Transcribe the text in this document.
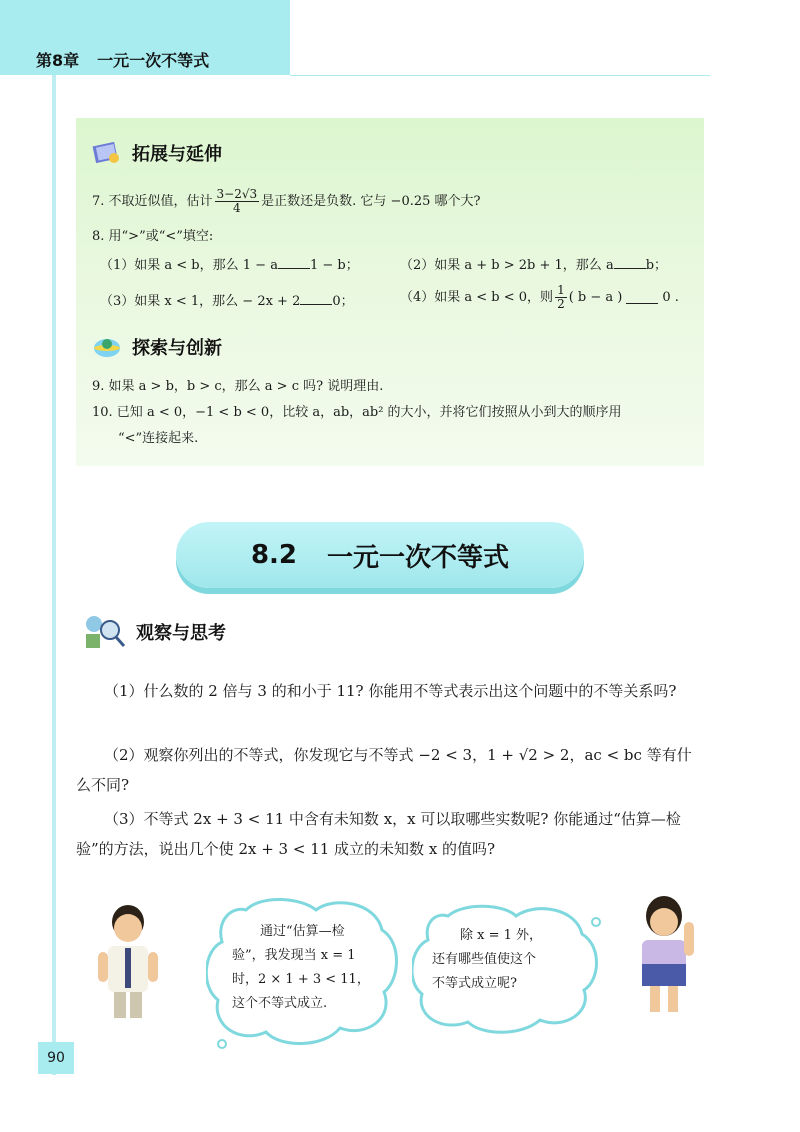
第8章 一元一次不等式
拓展与延伸
7. 不取近似值，估计 $\frac{3-2√3}{4}$ 是正数还是负数. 它与 −0.25 哪个大?
8. 用“>”或“<”填空:
（1）如果 a < b，那么 1 − a 1 − b；	（2）如果 a + b > 2b + 1，那么 a b；
（3）如果 x < 1，那么 − 2x + 2 0；	（4）如果 a < b < 0，则 $\frac{1}{2}$ ( b − a )	0 .
探索与创新
9. 如果 a > b，b > c，那么 a > c 吗? 说明理由.
10. 已知 a < 0，−1 < b < 0，比较 a，ab，ab² 的大小，并将它们按照从小到大的顺序用
“<”连接起来.
8.2 一元一次不等式
观察与思考
（1）什么数的 2 倍与 3 的和小于 11? 你能用不等式表示出这个问题中的不等关系吗?
（2）观察你列出的不等式，你发现它与不等式 −2 < 3，1 + √2 > 2，ac < bc 等有什么不同?
（3）不等式 2x + 3 < 11 中含有未知数 x，x 可以取哪些实数呢? 你能通过“估算—检验”的方法，说出几个使 2x + 3 < 11 成立的未知数 x 的值吗?
通过“估算—检
验”，我发现当 x = 1
时，2 × 1 + 3 < 11，
这个不等式成立.
除 x = 1 外，
还有哪些值使这个
不等式成立呢?
90
